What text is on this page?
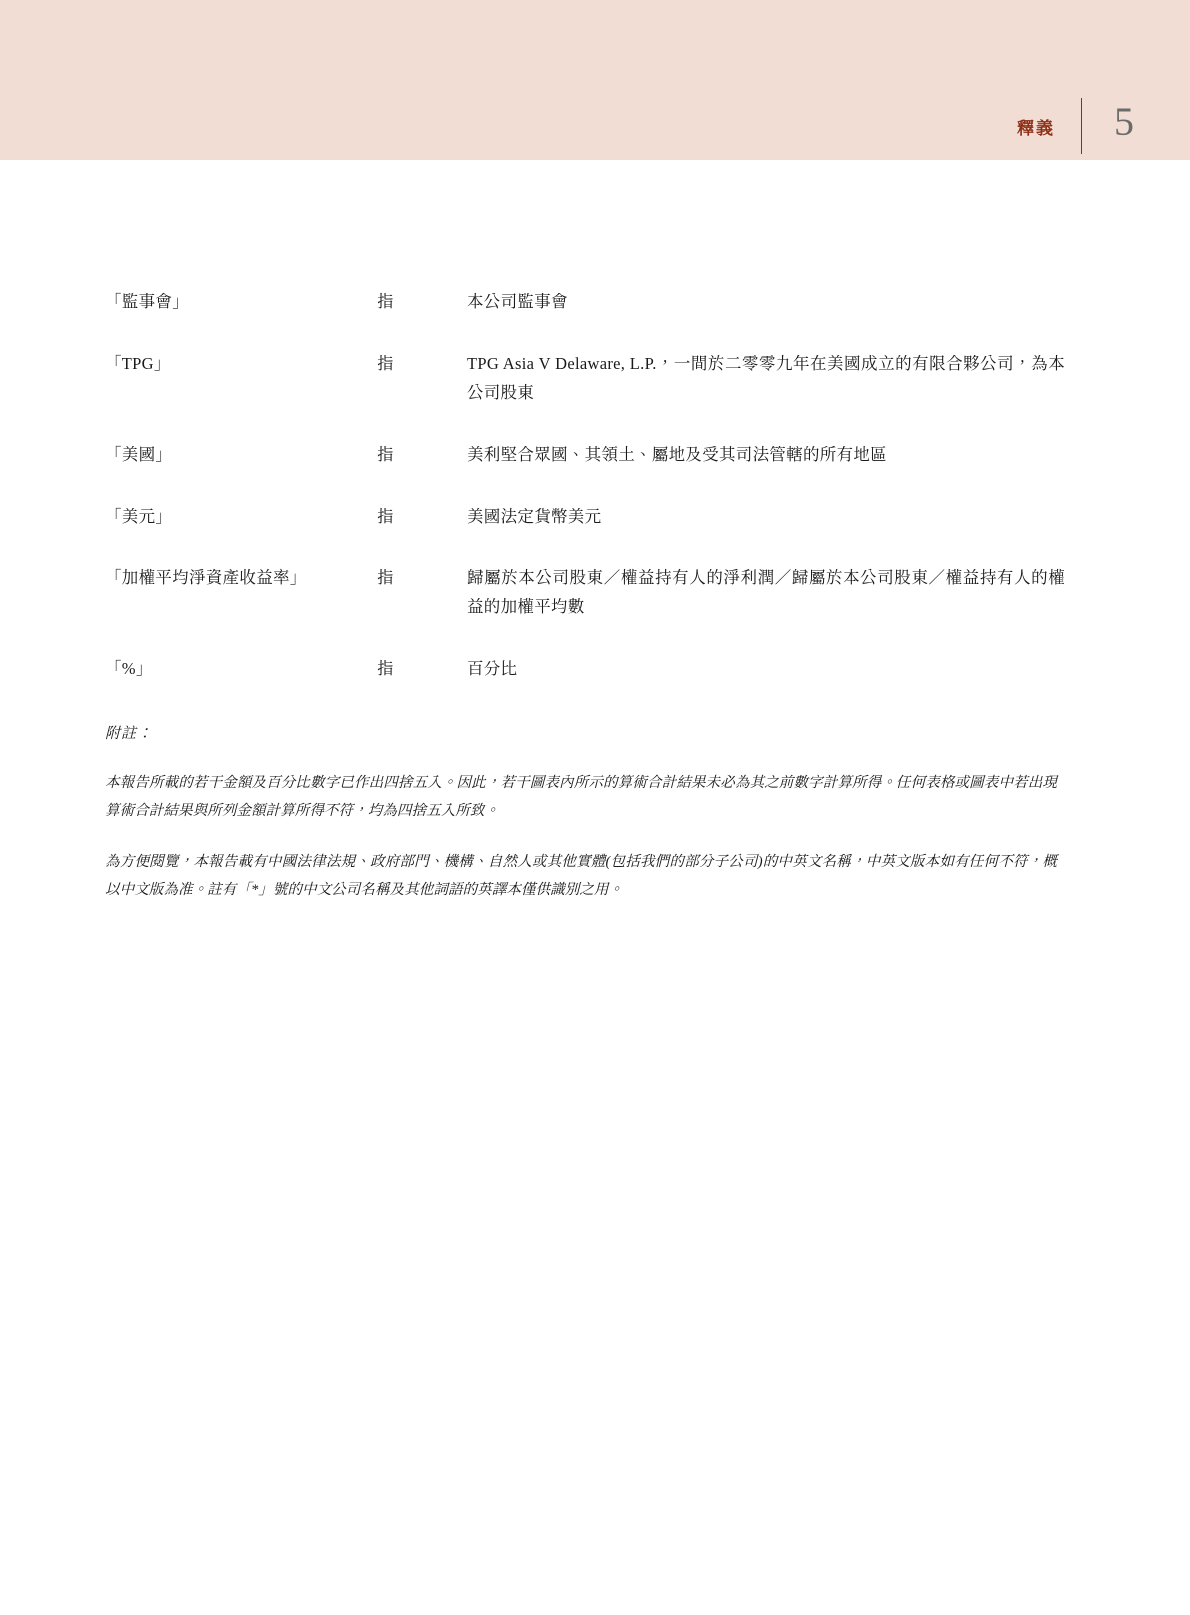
釋義	5
「監事會」	指	本公司監事會
「TPG」	指	TPG Asia V Delaware, L.P.，一間於二零零九年在美國成立的有限合夥公司，為本公司股東
「美國」	指	美利堅合眾國、其領土、屬地及受其司法管轄的所有地區
「美元」	指	美國法定貨幣美元
「加權平均淨資產收益率」	指	歸屬於本公司股東／權益持有人的淨利潤／歸屬於本公司股東／權益持有人的權益的加權平均數
「%」	指	百分比
附註：

本報告所載的若干金額及百分比數字已作出四捨五入。因此，若干圖表內所示的算術合計結果未必為其之前數字計算所得。任何表格或圖表中若出現算術合計結果與所列金額計算所得不符，均為四捨五入所致。

為方便閱覽，本報告載有中國法律法規、政府部門、機構、自然人或其他實體(包括我們的部分子公司)的中英文名稱，中英文版本如有任何不符，概以中文版為准。註有「*」號的中文公司名稱及其他詞語的英譯本僅供識別之用。
